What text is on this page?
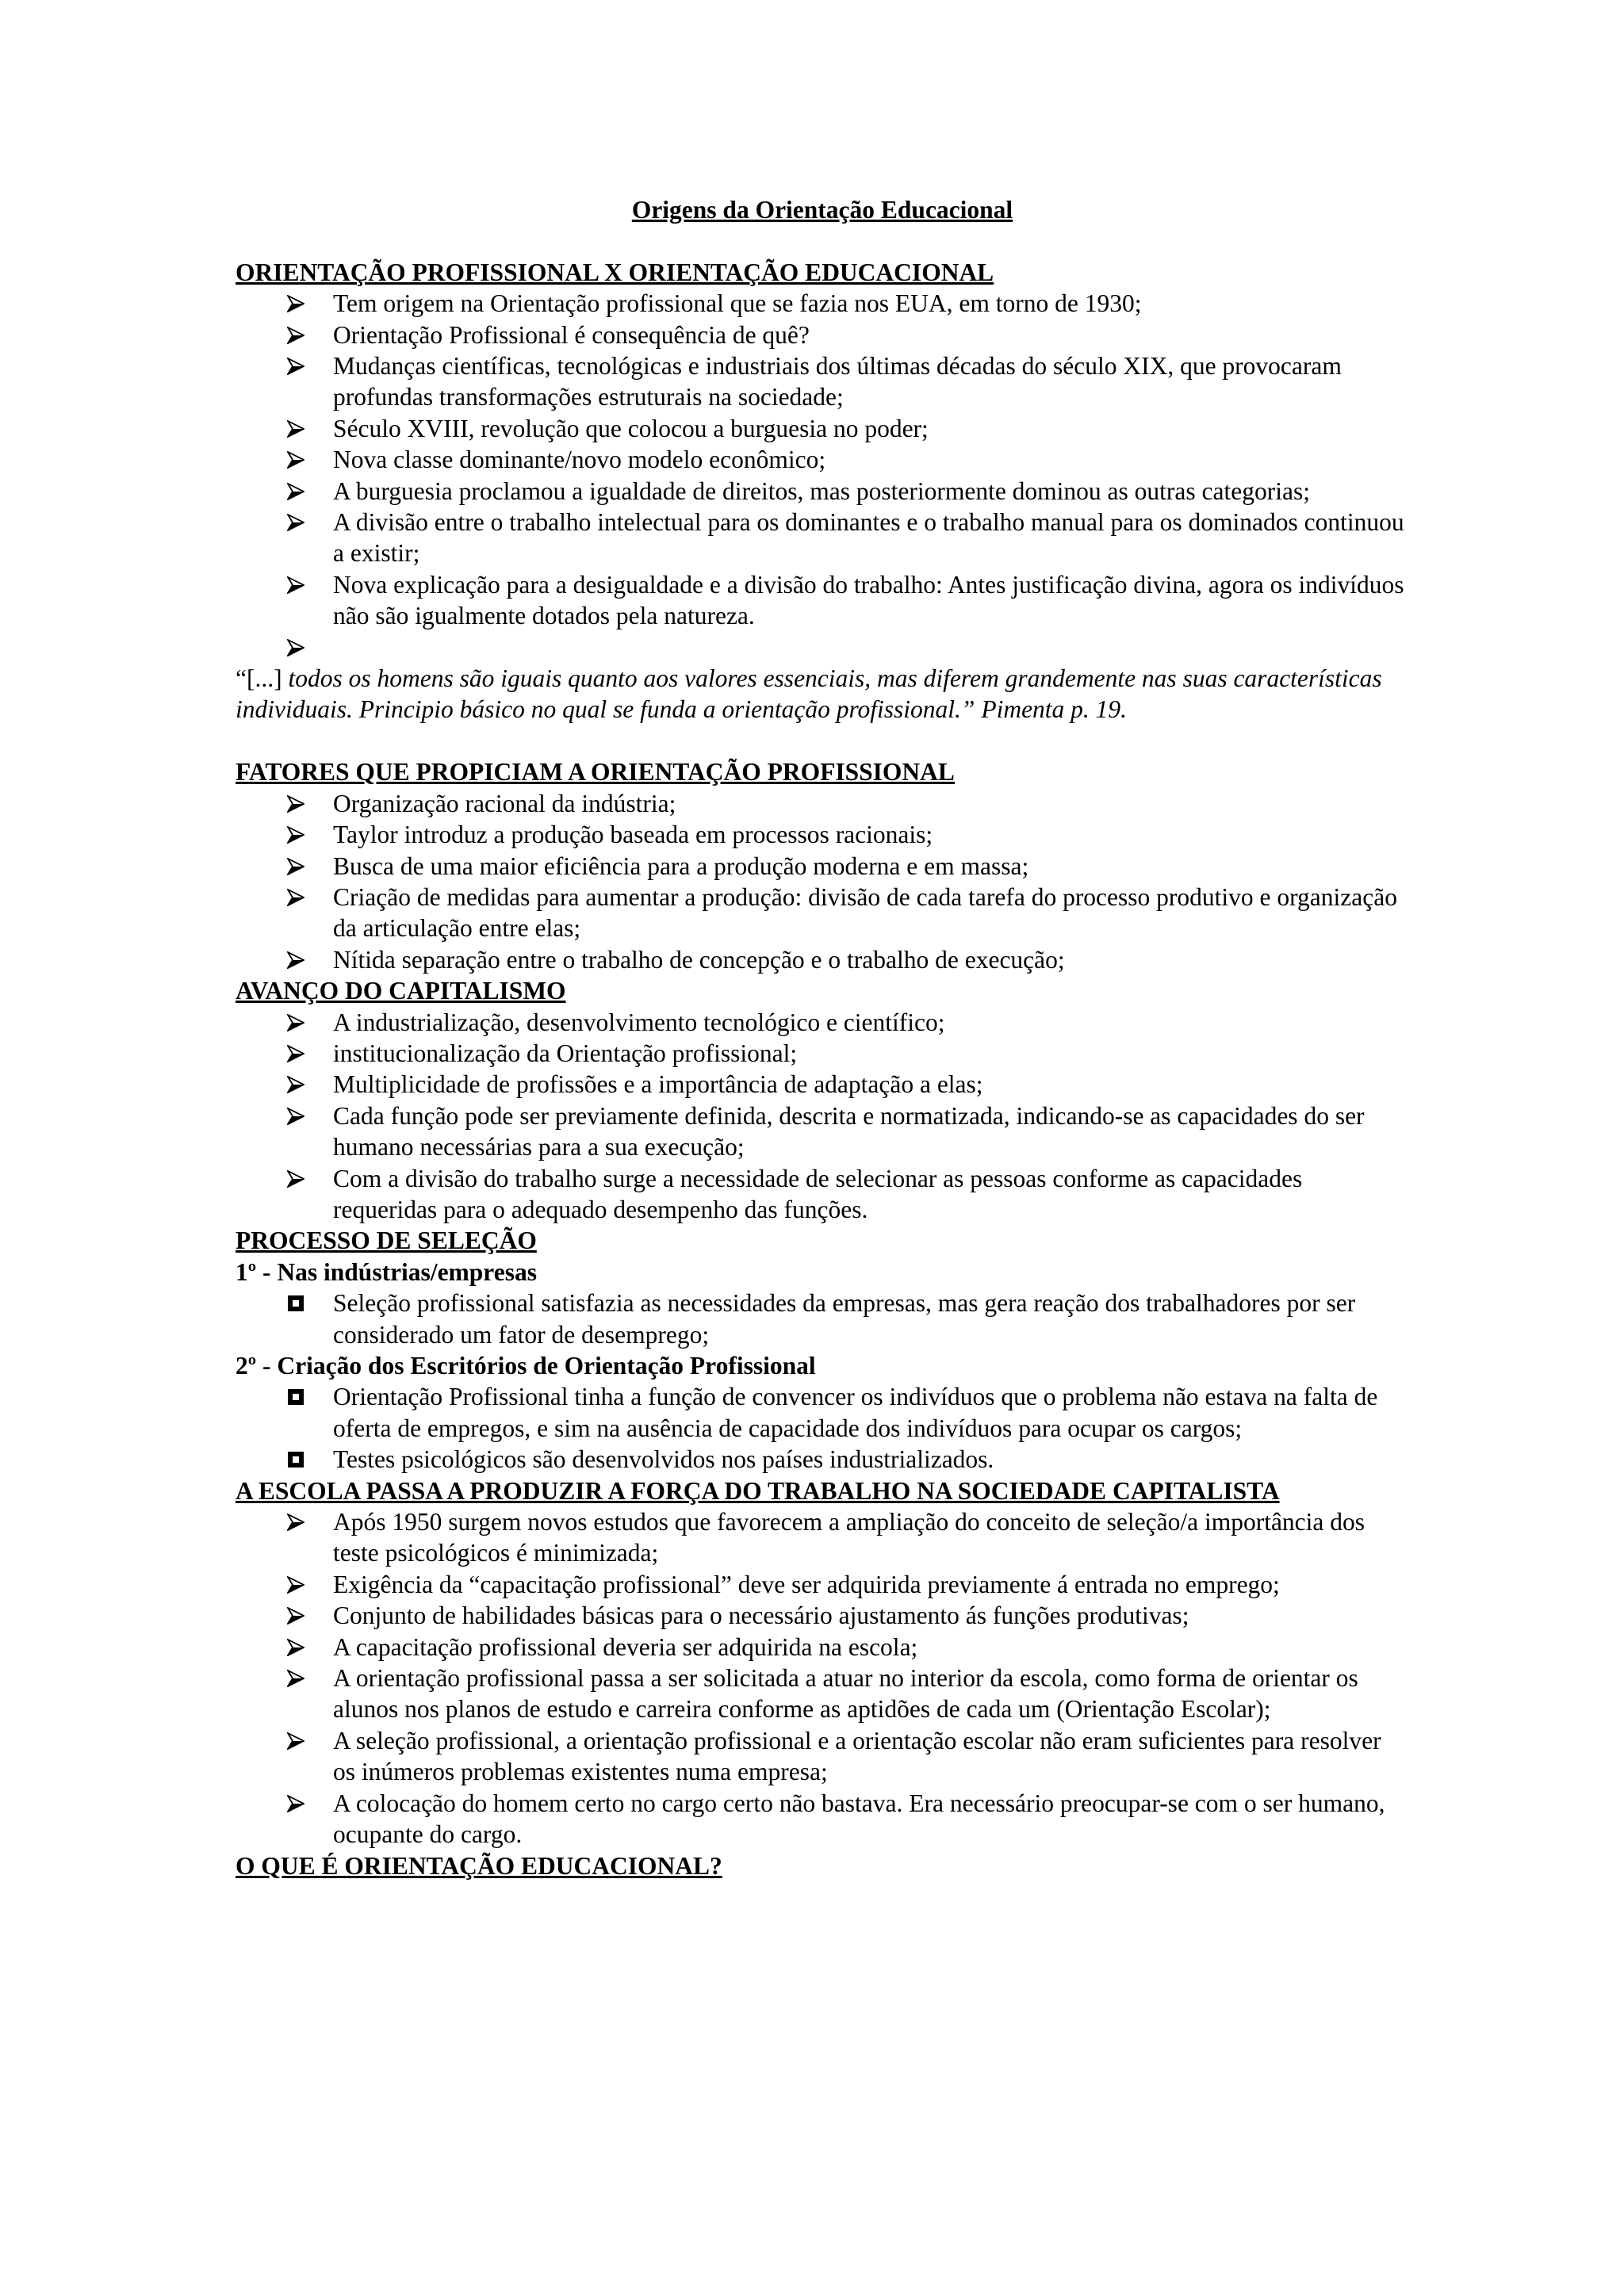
Origens da Orientação Educacional

ORIENTAÇÃO PROFISSIONAL X ORIENTAÇÃO EDUCACIONAL

Tem origem na Orientação profissional que se fazia nos EUA, em torno de 1930;
Orientação Profissional é consequência de quê?
Mudanças científicas, tecnológicas e industriais dos últimas décadas do século XIX, que provocaram profundas transformações estruturais na sociedade;
Século XVIII, revolução que colocou a burguesia no poder;
Nova classe dominante/novo modelo econômico;
A burguesia proclamou a igualdade de direitos, mas posteriormente dominou as outras categorias;
A divisão entre o trabalho intelectual para os dominantes e o trabalho manual para os dominados continuou a existir;
Nova explicação para a desigualdade e a divisão do trabalho: Antes justificação divina, agora os indivíduos não são igualmente dotados pela natureza.

“[...] todos os homens são iguais quanto aos valores essenciais, mas diferem grandemente nas suas características individuais. Principio básico no qual se funda a orientação profissional.” Pimenta p. 19.

FATORES QUE PROPICIAM A ORIENTAÇÃO PROFISSIONAL

Organização racional da indústria;
Taylor introduz a produção baseada em processos racionais;
Busca de uma maior eficiência para a produção moderna e em massa;
Criação de medidas para aumentar a produção: divisão de cada tarefa do processo produtivo e organização da articulação entre elas;
Nítida separação entre o trabalho de concepção e o trabalho de execução;

AVANÇO DO CAPITALISMO

A industrialização, desenvolvimento tecnológico e científico;
institucionalização da Orientação profissional;
Multiplicidade de profissões e a importância de adaptação a elas;
Cada função pode ser previamente definida, descrita e normatizada, indicando-se as capacidades do ser humano necessárias para a sua execução;
Com a divisão do trabalho surge a necessidade de selecionar as pessoas conforme as capacidades requeridas para o adequado desempenho das funções.

PROCESSO DE SELEÇÃO

1º - Nas indústrias/empresas

Seleção profissional satisfazia as necessidades da empresas, mas gera reação dos trabalhadores por ser considerado um fator de desemprego;

2º - Criação dos Escritórios de Orientação Profissional

Orientação Profissional tinha a função de convencer os indivíduos que o problema não estava na falta de oferta de empregos, e sim na ausência de capacidade dos indivíduos para ocupar os cargos;
Testes psicológicos são desenvolvidos nos países industrializados.

A ESCOLA PASSA A PRODUZIR A FORÇA DO TRABALHO NA SOCIEDADE CAPITALISTA

Após 1950 surgem novos estudos que favorecem a ampliação do conceito de seleção/a importância dos teste psicológicos é minimizada;
Exigência da “capacitação profissional” deve ser adquirida previamente á entrada no emprego;
Conjunto de habilidades básicas para o necessário ajustamento ás funções produtivas;
A capacitação profissional deveria ser adquirida na escola;
A orientação profissional passa a ser solicitada a atuar no interior da escola, como forma de orientar os alunos nos planos de estudo e carreira conforme as aptidões de cada um (Orientação Escolar);
A seleção profissional, a orientação profissional e a orientação escolar não eram suficientes para resolver os inúmeros problemas existentes numa empresa;
A colocação do homem certo no cargo certo não bastava. Era necessário preocupar-se com o ser humano, ocupante do cargo.

O QUE É ORIENTAÇÃO EDUCACIONAL?
